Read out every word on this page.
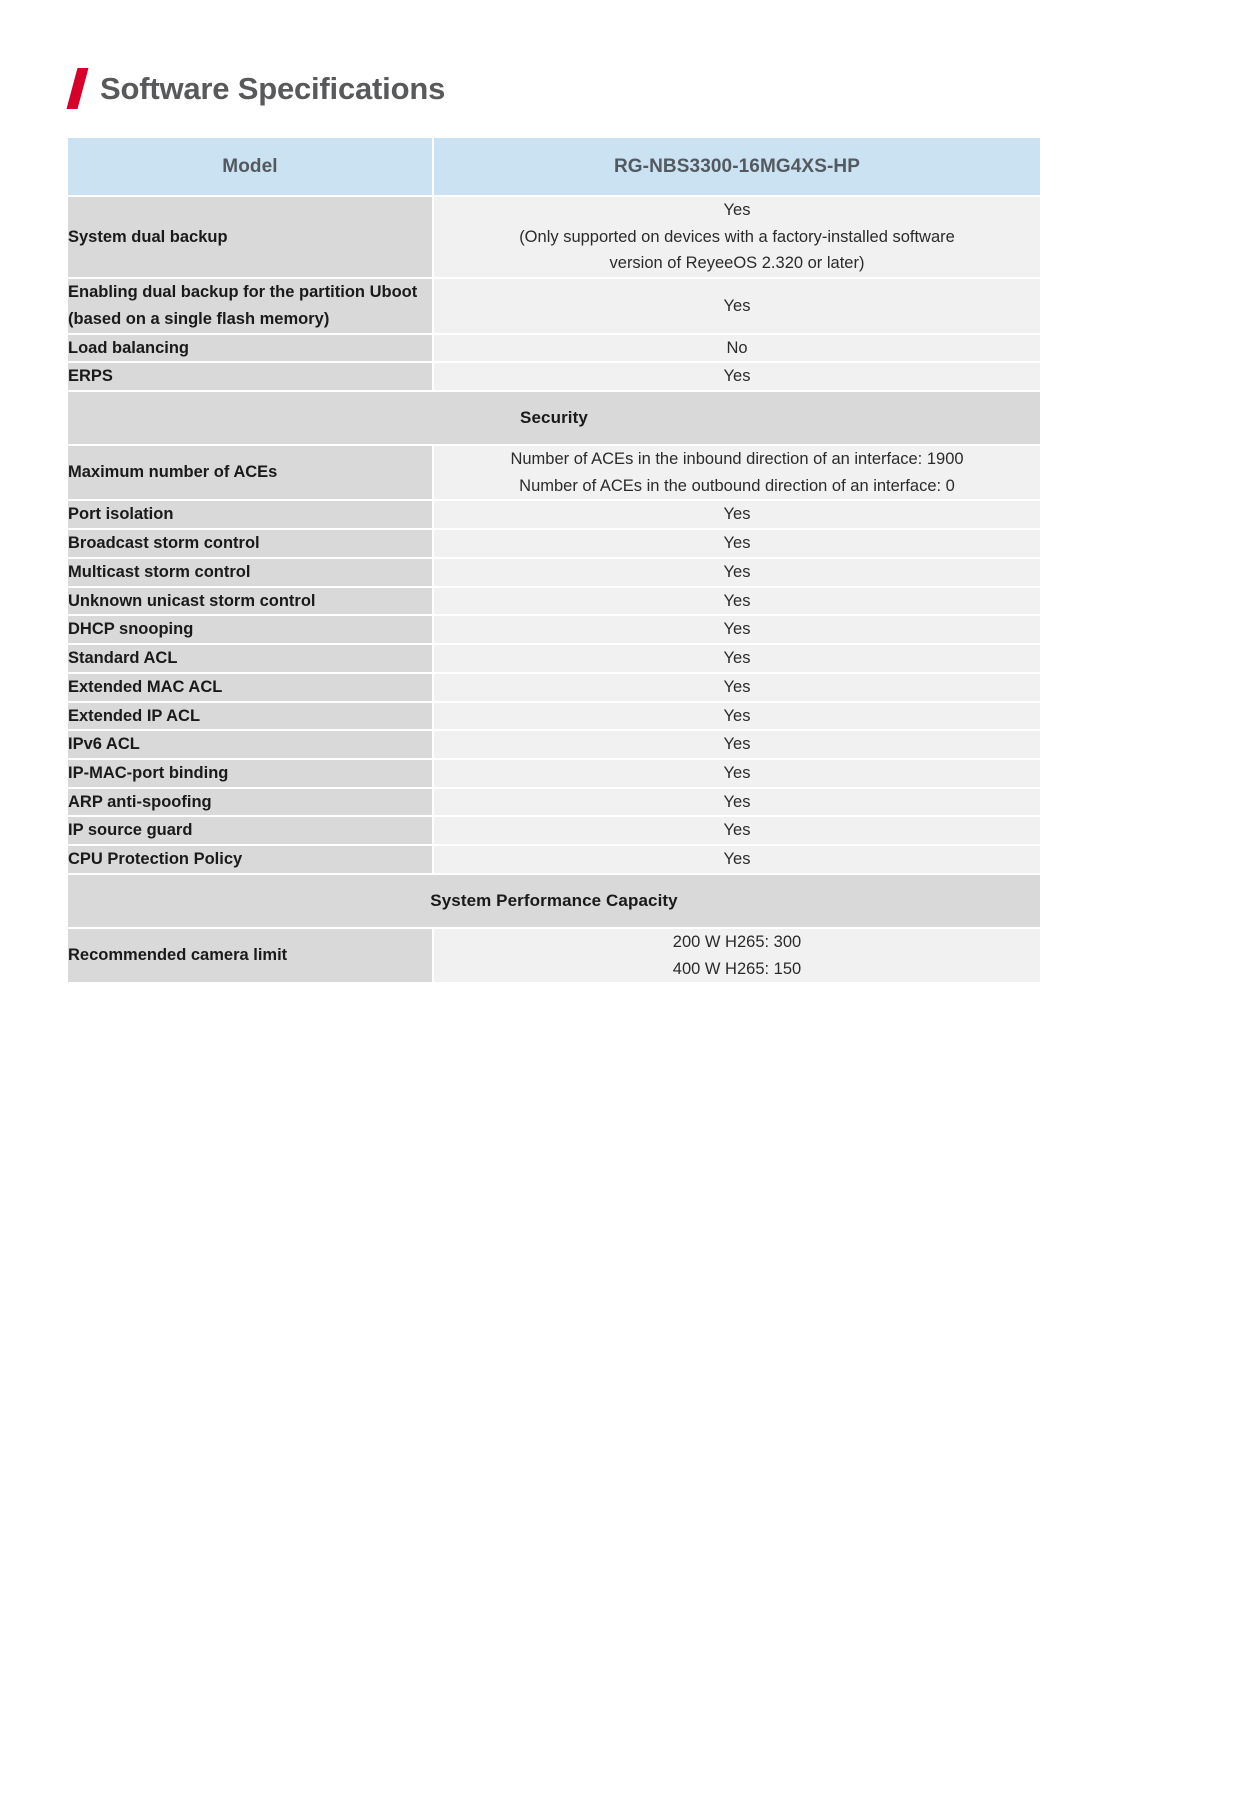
Software Specifications
Model	RG-NBS3300-16MG4XS-HP
System dual backup	Yes
(Only supported on devices with a factory-installed software
version of ReyeeOS 2.320 or later)

Enabling dual backup for the partition Uboot (based on a single flash memory)	Yes

Load balancing	No

ERPS	Yes

Security	
Maximum number of ACEs	Number of ACEs in the inbound direction of an interface: 1900
Number of ACEs in the outbound direction of an interface: 0

Port isolation	Yes

Broadcast storm control	Yes

Multicast storm control	Yes

Unknown unicast storm control	Yes

DHCP snooping	Yes

Standard ACL	Yes

Extended MAC ACL	Yes

Extended IP ACL	Yes

IPv6 ACL	Yes

IP-MAC-port binding	Yes

ARP anti-spoofing	Yes

IP source guard	Yes

CPU Protection Policy	Yes

System Performance Capacity	
Recommended camera limit	200 W H265: 300
400 W H265: 150
